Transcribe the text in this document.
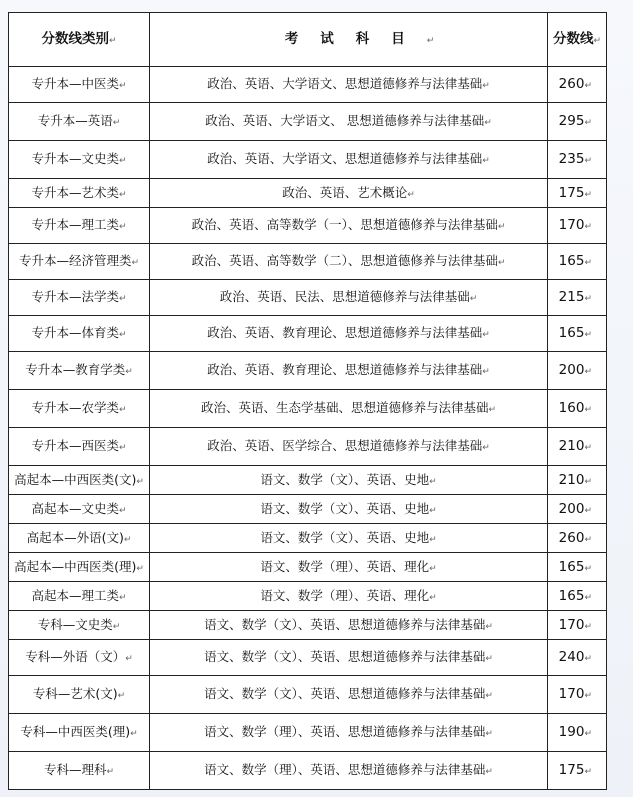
分数线类别↵	考试科目↵	分数线↵
专升本—中医类↵	政治、英语、大学语文、思想道德修养与法律基础↵	260↵
专升本—英语↵	政治、英语、大学语文、 思想道德修养与法律基础↵	295↵
专升本—文史类↵	政治、英语、大学语文、思想道德修养与法律基础↵	235↵
专升本—艺术类↵	政治、英语、艺术概论↵	175↵
专升本—理工类↵	政治、英语、高等数学（一）、思想道德修养与法律基础↵	170↵
专升本—经济管理类↵	政治、英语、高等数学（二）、思想道德修养与法律基础↵	165↵
专升本—法学类↵	政治、英语、民法、思想道德修养与法律基础↵	215↵
专升本—体育类↵	政治、英语、教育理论、思想道德修养与法律基础↵	165↵
专升本—教育学类↵	政治、英语、教育理论、思想道德修养与法律基础↵	200↵
专升本—农学类↵	政治、英语、生态学基础、思想道德修养与法律基础↵	160↵
专升本—西医类↵	政治、英语、医学综合、思想道德修养与法律基础↵	210↵
高起本—中西医类(文)↵	语文、数学（文）、英语、史地↵	210↵
高起本—文史类↵	语文、数学（文）、英语、史地↵	200↵
高起本—外语(文)↵	语文、数学（文）、英语、史地↵	260↵
高起本—中西医类(理)↵	语文、数学（理）、英语、理化↵	165↵
高起本—理工类↵	语文、数学（理）、英语、理化↵	165↵
专科—文史类↵	语文、数学（文）、英语、思想道德修养与法律基础↵	170↵
专科—外语（文）↵	语文、数学（文）、英语、思想道德修养与法律基础↵	240↵
专科—艺术(文)↵	语文、数学（文）、英语、思想道德修养与法律基础↵	170↵
专科—中西医类(理)↵	语文、数学（理）、英语、思想道德修养与法律基础↵	190↵
专科—理科↵	语文、数学（理）、英语、思想道德修养与法律基础↵	175↵
